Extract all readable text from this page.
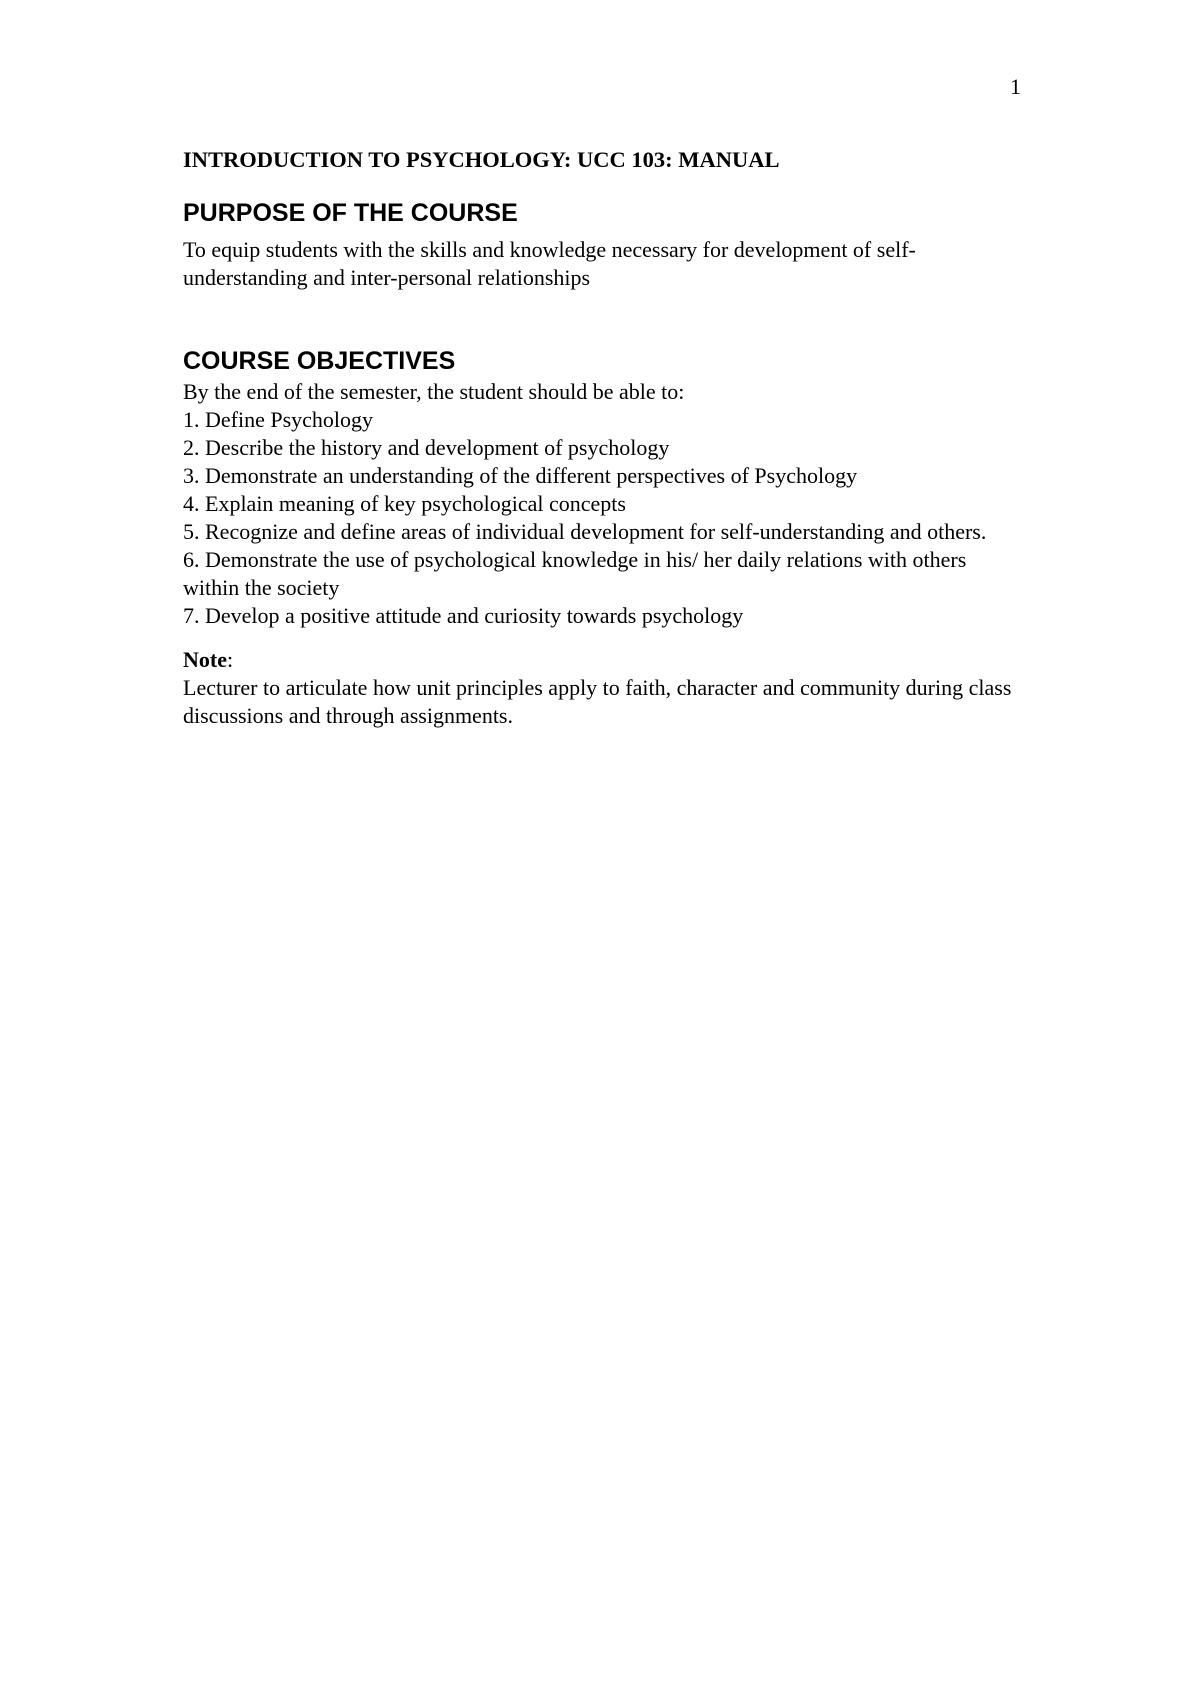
1

INTRODUCTION TO PSYCHOLOGY: UCC 103: MANUAL

PURPOSE OF THE COURSE

To equip students with the skills and knowledge necessary for development of self-understanding and inter-personal relationships

COURSE OBJECTIVES

By the end of the semester, the student should be able to:

1. Define Psychology
2. Describe the history and development of psychology
3. Demonstrate an understanding of the different perspectives of Psychology
4. Explain meaning of key psychological concepts
5. Recognize and define areas of individual development for self-understanding and others.
6. Demonstrate the use of psychological knowledge in his/ her daily relations with others within the society
7. Develop a positive attitude and curiosity towards psychology
Note:

Lecturer to articulate how unit principles apply to faith, character and community during class discussions and through assignments.
